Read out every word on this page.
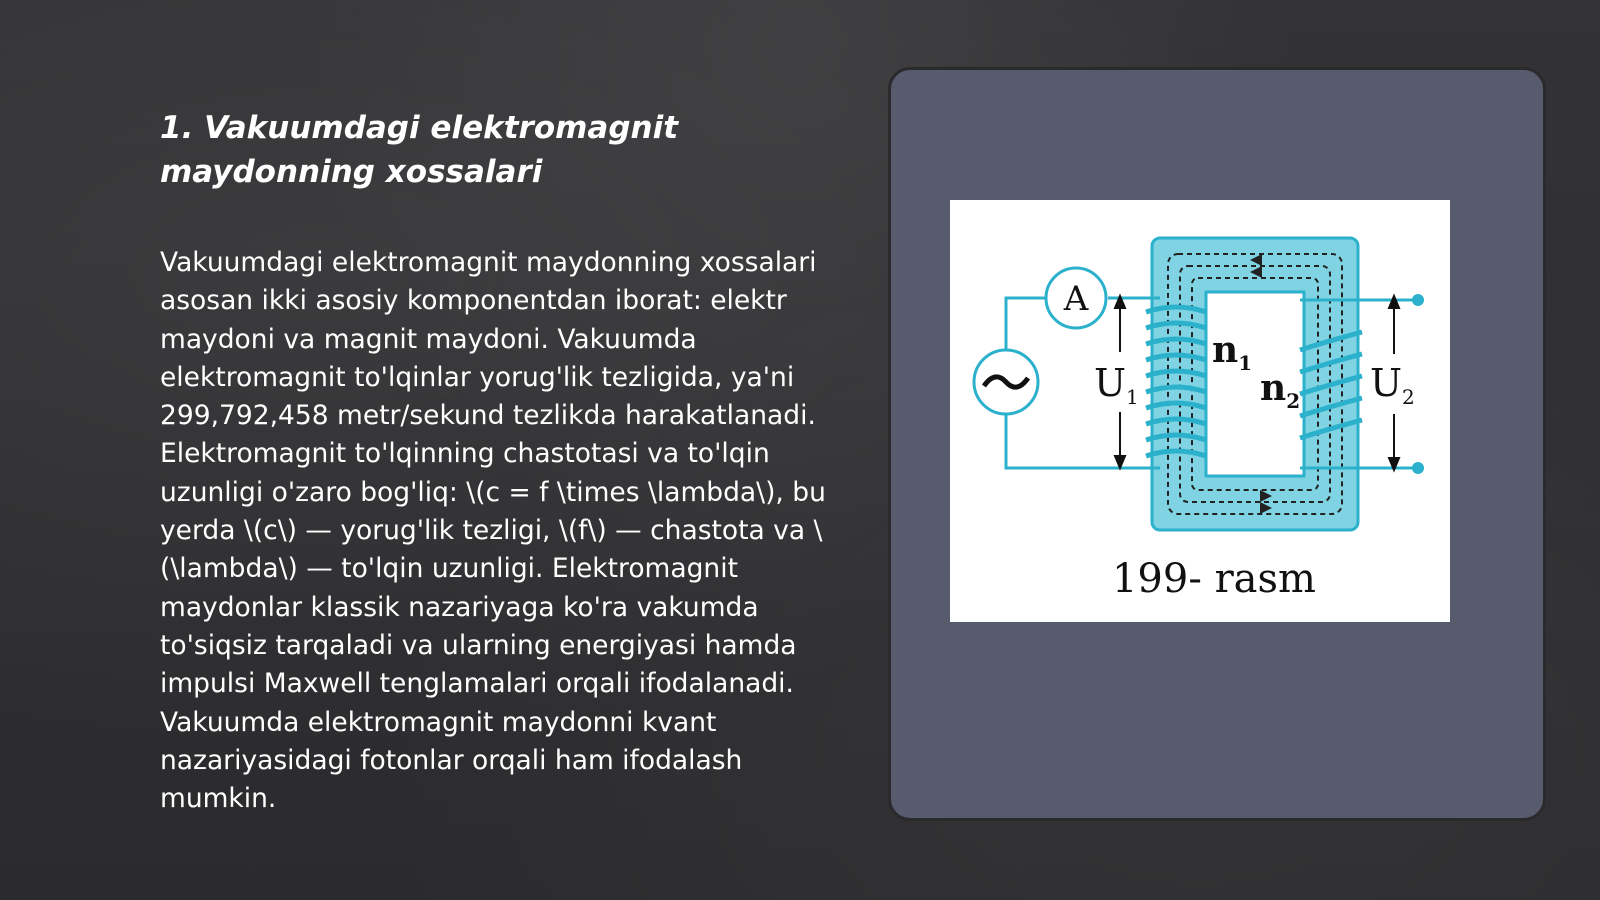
1. Vakuumdagi elektromagnit maydonning xossalari

Vakuumdagi elektromagnit maydonning xossalari asosan ikki asosiy komponentdan iborat: elektr maydoni va magnit maydoni. Vakuumda elektromagnit to'lqinlar yorug'lik tezligida, ya'ni 299,792,458 metr/sekund tezlikda harakatlanadi. Elektromagnit to'lqinning chastotasi va to'lqin uzunligi o'zaro bog'liq: \(c = f \times \lambda\), bu yerda \(c\) — yorug'lik tezligi, \(f\) — chastota va \(\lambda\) — to'lqin uzunligi. Elektromagnit maydonlar klassik nazariyaga ko'ra vakumda to'siqsiz tarqaladi va ularning energiyasi hamda impulsi Maxwell tenglamalari orqali ifodalanadi. Vakuumda elektromagnit maydonni kvant nazariyasidagi fotonlar orqali ham ifodalash mumkin.

A
$U_1$	$U_2$
$n_1$
$n_2$
199- rasm
